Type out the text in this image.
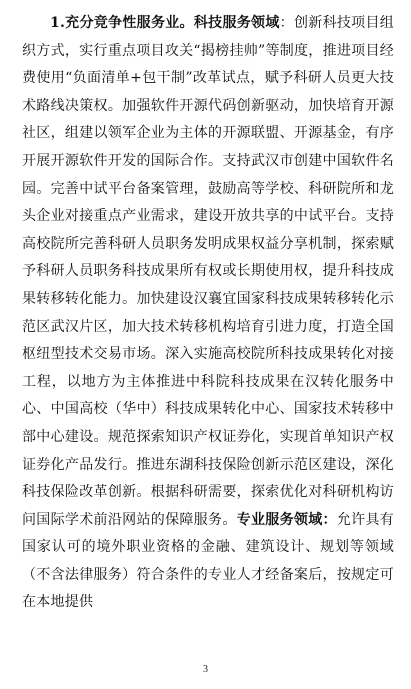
1.充分竞争性服务业。科技服务领域：创新科技项目组织方式，实行重点项目攻关“揭榜挂帅”等制度，推进项目经费使用“负面清单+包干制”改革试点，赋予科研人员更大技术路线决策权。加强软件开源代码创新驱动，加快培育开源社区，组建以领军企业为主体的开源联盟、开源基金，有序开展开源软件开发的国际合作。支持武汉市创建中国软件名园。完善中试平台备案管理，鼓励高等学校、科研院所和龙头企业对接重点产业需求，建设开放共享的中试平台。支持高校院所完善科研人员职务发明成果权益分享机制，探索赋予科研人员职务科技成果所有权或长期使用权，提升科技成果转移转化能力。加快建设汉襄宜国家科技成果转移转化示范区武汉片区，加大技术转移机构培育引进力度，打造全国枢纽型技术交易市场。深入实施高校院所科技成果转化对接工程，以地方为主体推进中科院科技成果在汉转化服务中心、中国高校（华中）科技成果转化中心、国家技术转移中部中心建设。规范探索知识产权证券化，实现首单知识产权证券化产品发行。推进东湖科技保险创新示范区建设，深化科技保险改革创新。根据科研需要，探索优化对科研机构访问国际学术前沿网站的保障服务。专业服务领域：允许具有国家认可的境外职业资格的金融、建筑设计、规划等领域（不含法律服务）符合条件的专业人才经备案后，按规定可在本地提供

3
